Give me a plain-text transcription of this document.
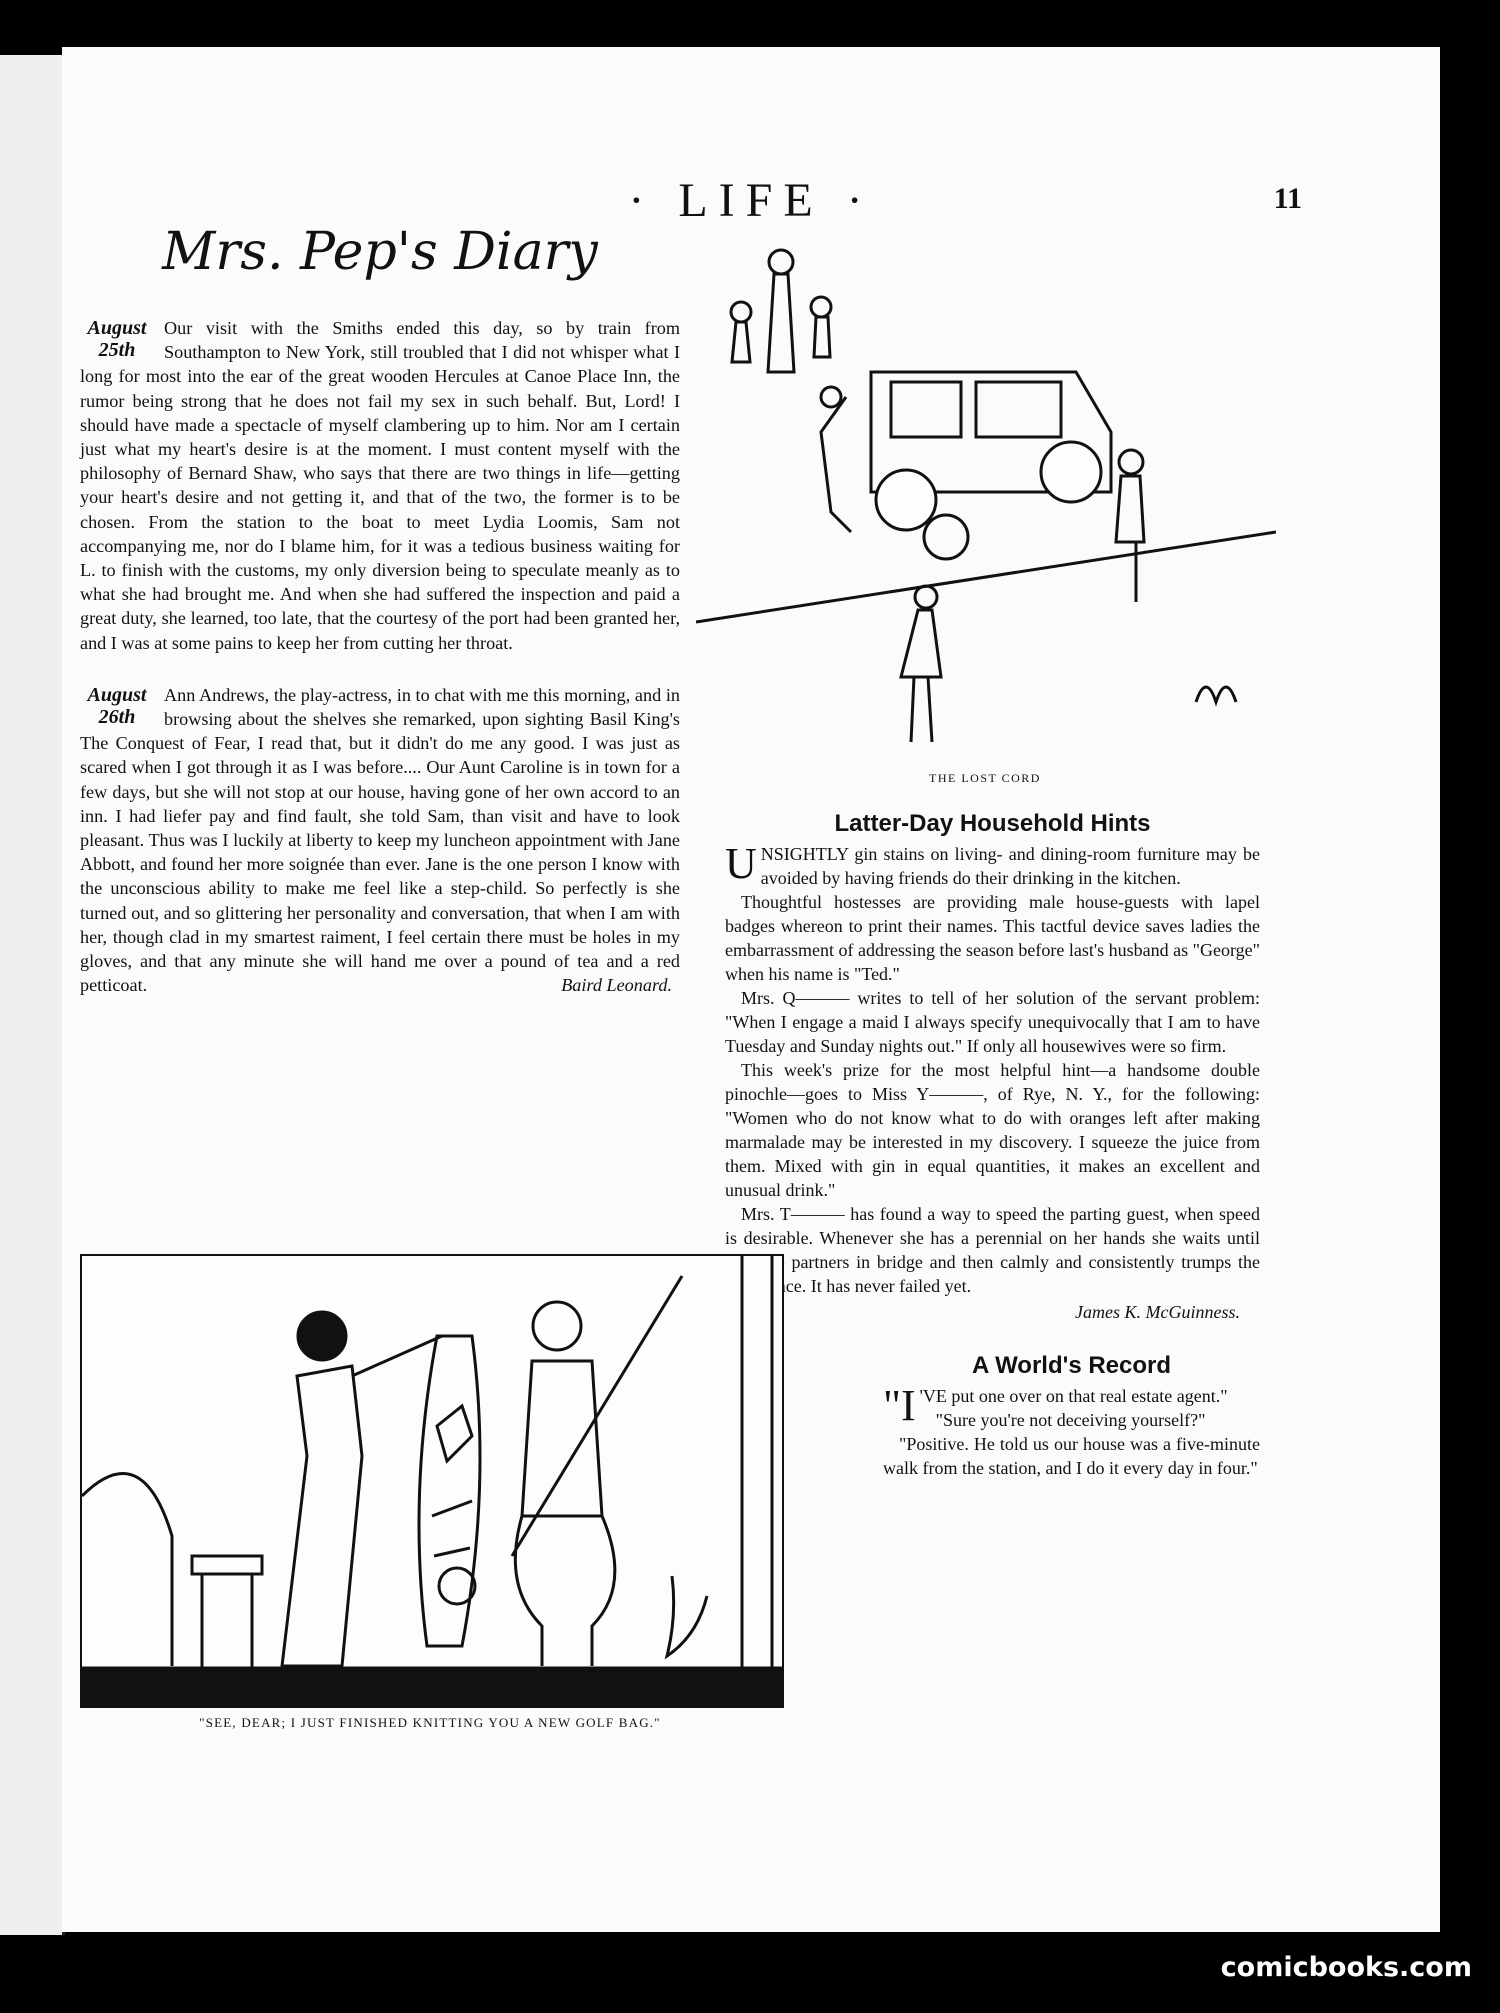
· LIFE ·	11
Mrs. Pep's Diary
August
25th

Our visit with the Smiths ended this day, so by train from Southampton to New York, still troubled that I did not whisper what I long for most into the ear of the great wooden Hercules at Canoe Place Inn, the rumor being strong that he does not fail my sex in such behalf. But, Lord! I should have made a spectacle of myself clambering up to him. Nor am I certain just what my heart's desire is at the moment. I must content myself with the philosophy of Bernard Shaw, who says that there are two things in life—getting your heart's desire and not getting it, and that of the two, the former is to be chosen. From the station to the boat to meet Lydia Loomis, Sam not accompanying me, nor do I blame him, for it was a tedious business waiting for L. to finish with the customs, my only diversion being to speculate meanly as to what she had brought me. And when she had suffered the inspection and paid a great duty, she learned, too late, that the courtesy of the port had been granted her, and I was at some pains to keep her from cutting her throat.

August
26th

Ann Andrews, the play-actress, in to chat with me this morning, and in browsing about the shelves she remarked, upon sighting Basil King's The Conquest of Fear, I read that, but it didn't do me any good. I was just as scared when I got through it as I was before.... Our Aunt Caroline is in town for a few days, but she will not stop at our house, having gone of her own accord to an inn. I had liefer pay and find fault, she told Sam, than visit and have to look pleasant. Thus was I luckily at liberty to keep my luncheon appointment with Jane Abbott, and found her more soignée than ever. Jane is the one person I know with the unconscious ability to make me feel like a step-child. So perfectly is she turned out, and so glittering her personality and conversation, that when I am with her, though clad in my smartest raiment, I feel certain there must be holes in my gloves, and that any minute she will hand me over a pound of tea and a red petticoat.	Baird Leonard.
THE LOST CORD
Latter-Day Household Hints

UNSIGHTLY gin stains on living- and dining-room furniture may be avoided by having friends do their drinking in the kitchen.

Thoughtful hostesses are providing male house-guests with lapel badges whereon to print their names. This tactful device saves ladies the embarrassment of addressing the season before last's husband as "George" when his name is "Ted."

Mrs. Q——— writes to tell of her solution of the servant problem: "When I engage a maid I always specify unequivocally that I am to have Tuesday and Sunday nights out." If only all housewives were so firm.

This week's prize for the most helpful hint—a handsome double pinochle—goes to Miss Y———, of Rye, N. Y., for the following: "Women who do not know what to do with oranges left after making marmalade may be interested in my discovery. I squeeze the juice from them. Mixed with gin in equal quantities, it makes an excellent and unusual drink."

Mrs. T——— has found a way to speed the parting guest, when speed is desirable. Whenever she has a perennial on her hands she waits until they are partners in bridge and then calmly and consistently trumps the guest's ace. It has never failed yet.

James K. McGuinness.
A World's Record

"I 'VE put one over on that real estate agent."

"Sure you're not deceiving yourself?"

"Positive. He told us our house was a five-minute walk from the station, and I do it every day in four."

"SEE, DEAR; I JUST FINISHED KNITTING YOU A NEW GOLF BAG."
comicbooks.com
